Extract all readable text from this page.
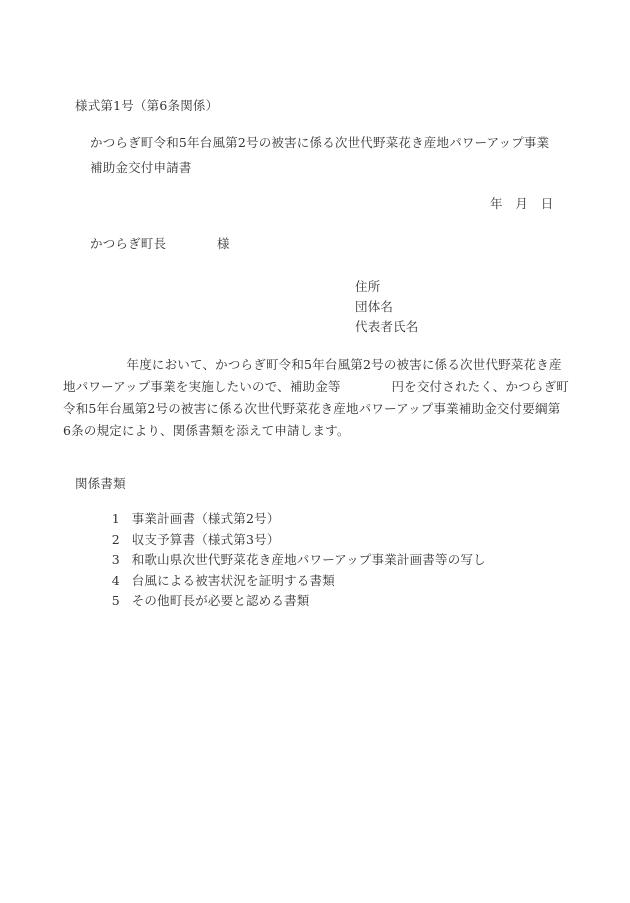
様式第1号（第6条関係）
かつらぎ町令和5年台風第2号の被害に係る次世代野菜花き産地パワーアップ事業
補助金交付申請書
年　月　日
かつらぎ町長　　　　様
住所
団体名
代表者氏名
　　　　　年度において、かつらぎ町令和5年台風第2号の被害に係る次世代野菜花き産
地パワーアップ事業を実施したいので、補助金等　　　　円を交付されたく、かつらぎ町
令和5年台風第2号の被害に係る次世代野菜花き産地パワーアップ事業補助金交付要綱第
6条の規定により、関係書類を添えて申請します。
関係書類

1 事業計画書（様式第2号）

2 収支予算書（様式第3号）

3 和歌山県次世代野菜花き産地パワーアップ事業計画書等の写し

4 台風による被害状況を証明する書類

5 その他町長が必要と認める書類
